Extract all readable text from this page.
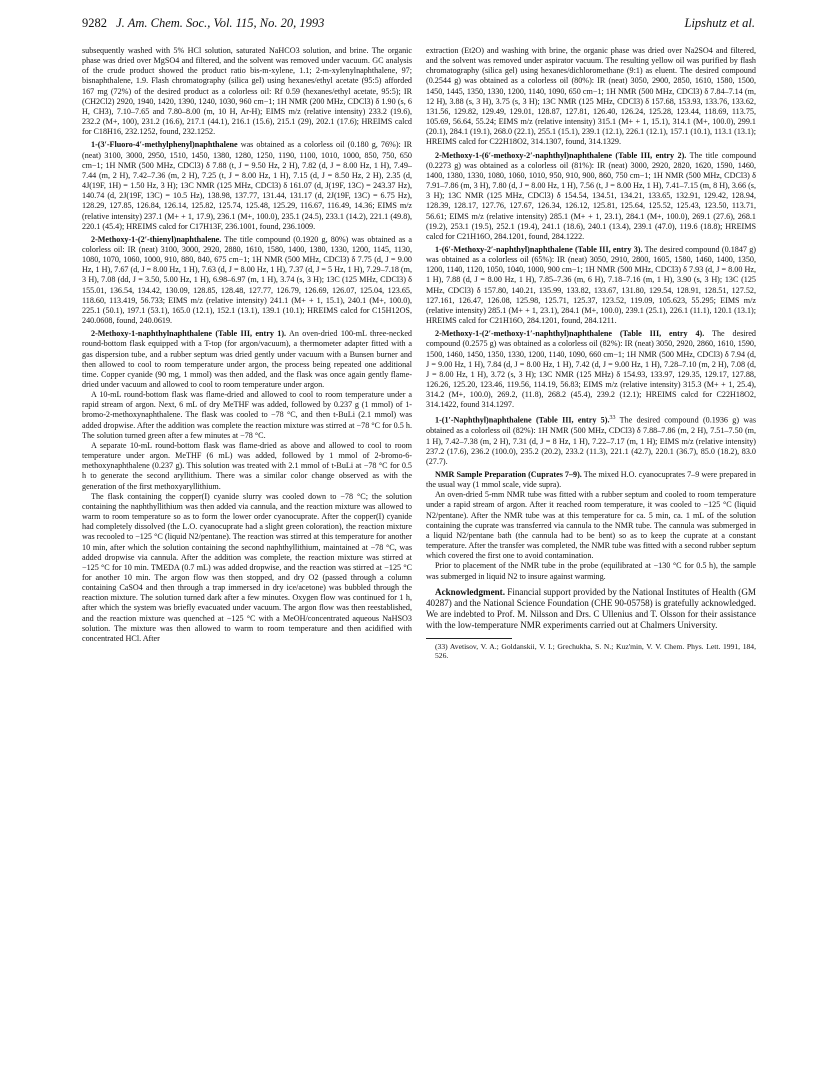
9282 J. Am. Chem. Soc., Vol. 115, No. 20, 1993	Lipshutz et al.

subsequently washed with 5% HCl solution, saturated NaHCO3 solution, and brine. The organic phase was dried over MgSO4 and filtered, and the solvent was removed under vacuum. GC analysis of the crude product showed the product ratio bis-m-xylene, 1.1; 2-m-xylenylnaphthalene, 97; bisnaphthalene, 1.9. Flash chromatography (silica gel) using hexanes/ethyl acetate (95:5) afforded 167 mg (72%) of the desired product as a colorless oil: Rf 0.59 (hexanes/ethyl acetate, 95:5); IR (CH2Cl2) 2920, 1940, 1420, 1390, 1240, 1030, 960 cm−1; 1H NMR (200 MHz, CDCl3) δ 1.90 (s, 6 H, CH3), 7.10–7.65 and 7.80–8.00 (m, 10 H, Ar-H); EIMS m/z (relative intensity) 233.2 (19.6), 232.2 (M+, 100), 231.2 (16.6), 217.1 (44.1), 216.1 (15.6), 215.1 (29), 202.1 (17.6); HREIMS calcd for C18H16, 232.1252, found, 232.1252.

1-(3′-Fluoro-4′-methylphenyl)naphthalene was obtained as a colorless oil (0.180 g, 76%): IR (neat) 3100, 3000, 2950, 1510, 1450, 1380, 1280, 1250, 1190, 1100, 1010, 1000, 850, 750, 650 cm−1; 1H NMR (500 MHz, CDCl3) δ 7.88 (t, J = 9.50 Hz, 2 H), 7.82 (d, J = 8.00 Hz, 1 H), 7.49–7.44 (m, 2 H), 7.42–7.36 (m, 2 H), 7.25 (t, J = 8.00 Hz, 1 H), 7.15 (d, J = 8.50 Hz, 2 H), 2.35 (d, 4J(19F, 1H) = 1.50 Hz, 3 H); 13C NMR (125 MHz, CDCl3) δ 161.07 (d, J(19F, 13C) = 243.37 Hz), 140.74 (d, 2J(19F, 13C) = 10.5 Hz), 138.98, 137.77, 131.44, 131.17 (d, 2J(19F, 13C) = 6.75 Hz), 128.29, 127.85, 126.84, 126.14, 125.82, 125.74, 125.48, 125.29, 116.67, 116.49, 14.36; EIMS m/z (relative intensity) 237.1 (M+ + 1, 17.9), 236.1 (M+, 100.0), 235.1 (24.5), 233.1 (14.2), 221.1 (49.8), 220.1 (45.4); HREIMS calcd for C17H13F, 236.1001, found, 236.1009.

2-Methoxy-1-(2′-thienyl)naphthalene. The title compound (0.1920 g, 80%) was obtained as a colorless oil: IR (neat) 3100, 3000, 2920, 2880, 1610, 1580, 1400, 1380, 1330, 1200, 1145, 1130, 1080, 1070, 1060, 1000, 910, 880, 840, 675 cm−1; 1H NMR (500 MHz, CDCl3) δ 7.75 (d, J = 9.00 Hz, 1 H), 7.67 (d, J = 8.00 Hz, 1 H), 7.63 (d, J = 8.00 Hz, 1 H), 7.37 (d, J = 5 Hz, 1 H), 7.29–7.18 (m, 3 H), 7.08 (dd, J = 3.50, 5.00 Hz, 1 H), 6.98–6.97 (m, 1 H), 3.74 (s, 3 H); 13C (125 MHz, CDCl3) δ 155.01, 136.54, 134.42, 130.09, 128.85, 128.48, 127.77, 126.79, 126.69, 126.07, 125.04, 123.65, 118.60, 113.419, 56.733; EIMS m/z (relative intensity) 241.1 (M+ + 1, 15.1), 240.1 (M+, 100.0), 225.1 (50.1), 197.1 (53.1), 165.0 (12.1), 152.1 (13.1), 139.1 (10.1); HREIMS calcd for C15H12OS, 240.0608, found, 240.0619.

2-Methoxy-1-naphthylnaphthalene (Table III, entry 1). An oven-dried 100-mL three-necked round-bottom flask equipped with a T-top (for argon/vacuum), a thermometer adapter fitted with a gas dispersion tube, and a rubber septum was dried gently under vacuum with a Bunsen burner and then allowed to cool to room temperature under argon, the process being repeated one additional time. Copper cyanide (90 mg, 1 mmol) was then added, and the flask was once again gently flame-dried under vacuum and allowed to cool to room temperature under argon.

A 10-mL round-bottom flask was flame-dried and allowed to cool to room temperature under a rapid stream of argon. Next, 6 mL of dry MeTHF was added, followed by 0.237 g (1 mmol) of 1-bromo-2-methoxynaphthalene. The flask was cooled to −78 °C, and then t-BuLi (2.1 mmol) was added dropwise. After the addition was complete the reaction mixture was stirred at −78 °C for 0.5 h. The solution turned green after a few minutes at −78 °C.

A separate 10-mL round-bottom flask was flame-dried as above and allowed to cool to room temperature under argon. MeTHF (6 mL) was added, followed by 1 mmol of 2-bromo-6-methoxynaphthalene (0.237 g). This solution was treated with 2.1 mmol of t-BuLi at −78 °C for 0.5 h to generate the second aryllithium. There was a similar color change observed as with the generation of the first methoxyaryllithium.

The flask containing the copper(I) cyanide slurry was cooled down to −78 °C; the solution containing the naphthyllithium was then added via cannula, and the reaction mixture was allowed to warm to room temperature so as to form the lower order cyanocuprate. After the copper(I) cyanide had completely dissolved (the L.O. cyanocuprate had a slight green coloration), the reaction mixture was recooled to −125 °C (liquid N2/pentane). The reaction was stirred at this temperature for another 10 min, after which the solution containing the second naphthyllithium, maintained at −78 °C, was added dropwise via cannula. After the addition was complete, the reaction mixture was stirred at −125 °C for 10 min. TMEDA (0.7 mL) was added dropwise, and the reaction was stirred at −125 °C for another 10 min. The argon flow was then stopped, and dry O2 (passed through a column containing CaSO4 and then through a trap immersed in dry ice/acetone) was bubbled through the reaction mixture. The solution turned dark after a few minutes. Oxygen flow was continued for 1 h, after which the system was briefly evacuated under vacuum. The argon flow was then reestablished, and the reaction mixture was quenched at −125 °C with a MeOH/concentrated aqueous NaHSO3 solution. The mixture was then allowed to warm to room temperature and then acidified with concentrated HCl. After

extraction (Et2O) and washing with brine, the organic phase was dried over Na2SO4 and filtered, and the solvent was removed under aspirator vacuum. The resulting yellow oil was purified by flash chromatography (silica gel) using hexanes/dichloromethane (9:1) as eluent. The desired compound (0.2544 g) was obtained as a colorless oil (80%): IR (neat) 3050, 2900, 2850, 1610, 1580, 1500, 1450, 1445, 1350, 1330, 1200, 1140, 1090, 650 cm−1; 1H NMR (500 MHz, CDCl3) δ 7.84–7.14 (m, 12 H), 3.88 (s, 3 H), 3.75 (s, 3 H); 13C NMR (125 MHz, CDCl3) δ 157.68, 153.93, 133.76, 133.62, 131.56, 129.82, 129.49, 129.01, 128.87, 127.81, 126.40, 126.24, 125.28, 123.44, 118.69, 113.75, 105.69, 56.64, 55.24; EIMS m/z (relative intensity) 315.1 (M+ + 1, 15.1), 314.1 (M+, 100.0), 299.1 (20.1), 284.1 (19.1), 268.0 (22.1), 255.1 (15.1), 239.1 (12.1), 226.1 (12.1), 157.1 (10.1), 113.1 (13.1); HREIMS calcd for C22H18O2, 314.1307, found, 314.1329.

2-Methoxy-1-(6′-methoxy-2′-naphthyl)naphthalene (Table III, entry 2). The title compound (0.2273 g) was obtained as a colorless oil (81%): IR (neat) 3000, 2920, 2820, 1620, 1590, 1460, 1400, 1380, 1330, 1080, 1060, 1010, 950, 910, 900, 860, 750 cm−1; 1H NMR (500 MHz, CDCl3) δ 7.91–7.86 (m, 3 H), 7.80 (d, J = 8.00 Hz, 1 H), 7.56 (t, J = 8.00 Hz, 1 H), 7.41–7.15 (m, 8 H), 3.66 (s, 3 H); 13C NMR (125 MHz, CDCl3) δ 154.54, 134.51, 134.21, 133.65, 132.91, 129.42, 128.94, 128.39, 128.17, 127.76, 127.67, 126.34, 126.12, 125.81, 125.64, 125.52, 125.43, 123.50, 113.71, 56.61; EIMS m/z (relative intensity) 285.1 (M+ + 1, 23.1), 284.1 (M+, 100.0), 269.1 (27.6), 268.1 (19.2), 253.1 (19.5), 252.1 (19.4), 241.1 (18.6), 240.1 (13.4), 239.1 (47.0), 119.6 (18.8); HREIMS calcd for C21H16O, 284.1201, found, 284.1222.

1-(6′-Methoxy-2′-naphthyl)naphthalene (Table III, entry 3). The desired compound (0.1847 g) was obtained as a colorless oil (65%): IR (neat) 3050, 2910, 2800, 1605, 1580, 1460, 1400, 1350, 1200, 1140, 1120, 1050, 1040, 1000, 900 cm−1; 1H NMR (500 MHz, CDCl3) δ 7.93 (d, J = 8.00 Hz, 1 H), 7.88 (d, J = 8.00 Hz, 1 H), 7.85–7.36 (m, 6 H), 7.18–7.16 (m, 1 H), 3.90 (s, 3 H); 13C (125 MHz, CDCl3) δ 157.80, 140.21, 135.99, 133.82, 133.67, 131.80, 129.54, 128.91, 128.51, 127.52, 127.161, 126.47, 126.08, 125.98, 125.71, 125.37, 123.52, 119.09, 105.623, 55.295; EIMS m/z (relative intensity) 285.1 (M+ + 1, 23.1), 284.1 (M+, 100.0), 239.1 (25.1), 226.1 (11.1), 120.1 (13.1); HREIMS calcd for C21H16O, 284.1201, found, 284.1211.

2-Methoxy-1-(2′-methoxy-1′-naphthyl)naphthalene (Table III, entry 4). The desired compound (0.2575 g) was obtained as a colorless oil (82%): IR (neat) 3050, 2920, 2860, 1610, 1590, 1500, 1460, 1450, 1350, 1330, 1200, 1140, 1090, 660 cm−1; 1H NMR (500 MHz, CDCl3) δ 7.94 (d, J = 9.00 Hz, 1 H), 7.84 (d, J = 8.00 Hz, 1 H), 7.42 (d, J = 9.00 Hz, 1 H), 7.28–7.10 (m, 2 H), 7.08 (d, J = 8.00 Hz, 1 H), 3.72 (s, 3 H); 13C NMR (125 MHz) δ 154.93, 133.97, 129.35, 129.17, 127.88, 126.26, 125.20, 123.46, 119.56, 114.19, 56.83; EIMS m/z (relative intensity) 315.3 (M+ + 1, 25.4), 314.2 (M+, 100.0), 269.2, (11.8), 268.2 (45.4), 239.2 (12.1); HREIMS calcd for C22H18O2, 314.1422, found 314.1297.

1-(1′-Naphthyl)naphthalene (Table III, entry 5).$^{33}$ The desired compound (0.1936 g) was obtained as a colorless oil (82%): 1H NMR (500 MHz, CDCl3) δ 7.88–7.86 (m, 2 H), 7.51–7.50 (m, 1 H), 7.42–7.38 (m, 2 H), 7.31 (d, J = 8 Hz, 1 H), 7.22–7.17 (m, 1 H); EIMS m/z (relative intensity) 237.2 (17.6), 236.2 (100.0), 235.2 (20.2), 233.2 (11.3), 221.1 (42.7), 220.1 (36.7), 85.0 (18.2), 83.0 (27.7).

NMR Sample Preparation (Cuprates 7–9). The mixed H.O. cyanocuprates 7–9 were prepared in the usual way (1 mmol scale, vide supra).

An oven-dried 5-mm NMR tube was fitted with a rubber septum and cooled to room temperature under a rapid stream of argon. After it reached room temperature, it was cooled to −125 °C (liquid N2/pentane). After the NMR tube was at this temperature for ca. 5 min, ca. 1 mL of the solution containing the cuprate was transferred via cannula to the NMR tube. The cannula was submerged in a liquid N2/pentane bath (the cannula had to be bent) so as to keep the cuprate at a constant temperature. After the transfer was completed, the NMR tube was fitted with a second rubber septum which covered the first one to avoid contamination.

Prior to placement of the NMR tube in the probe (equilibrated at −130 °C for 0.5 h), the sample was submerged in liquid N2 to insure against warming.

Acknowledgment. Financial support provided by the National Institutes of Health (GM 40287) and the National Science Foundation (CHE 90-05758) is gratefully acknowledged. We are indebted to Prof. M. Nilsson and Drs. C Ullenius and T. Olsson for their assistance with the low-temperature NMR experiments carried out at Chalmers University.

(33) Avetisov, V. A.; Goldanskii, V. I.; Grechukha, S. N.; Kuz'min, V. V. Chem. Phys. Lett. 1991, 184, 526.
